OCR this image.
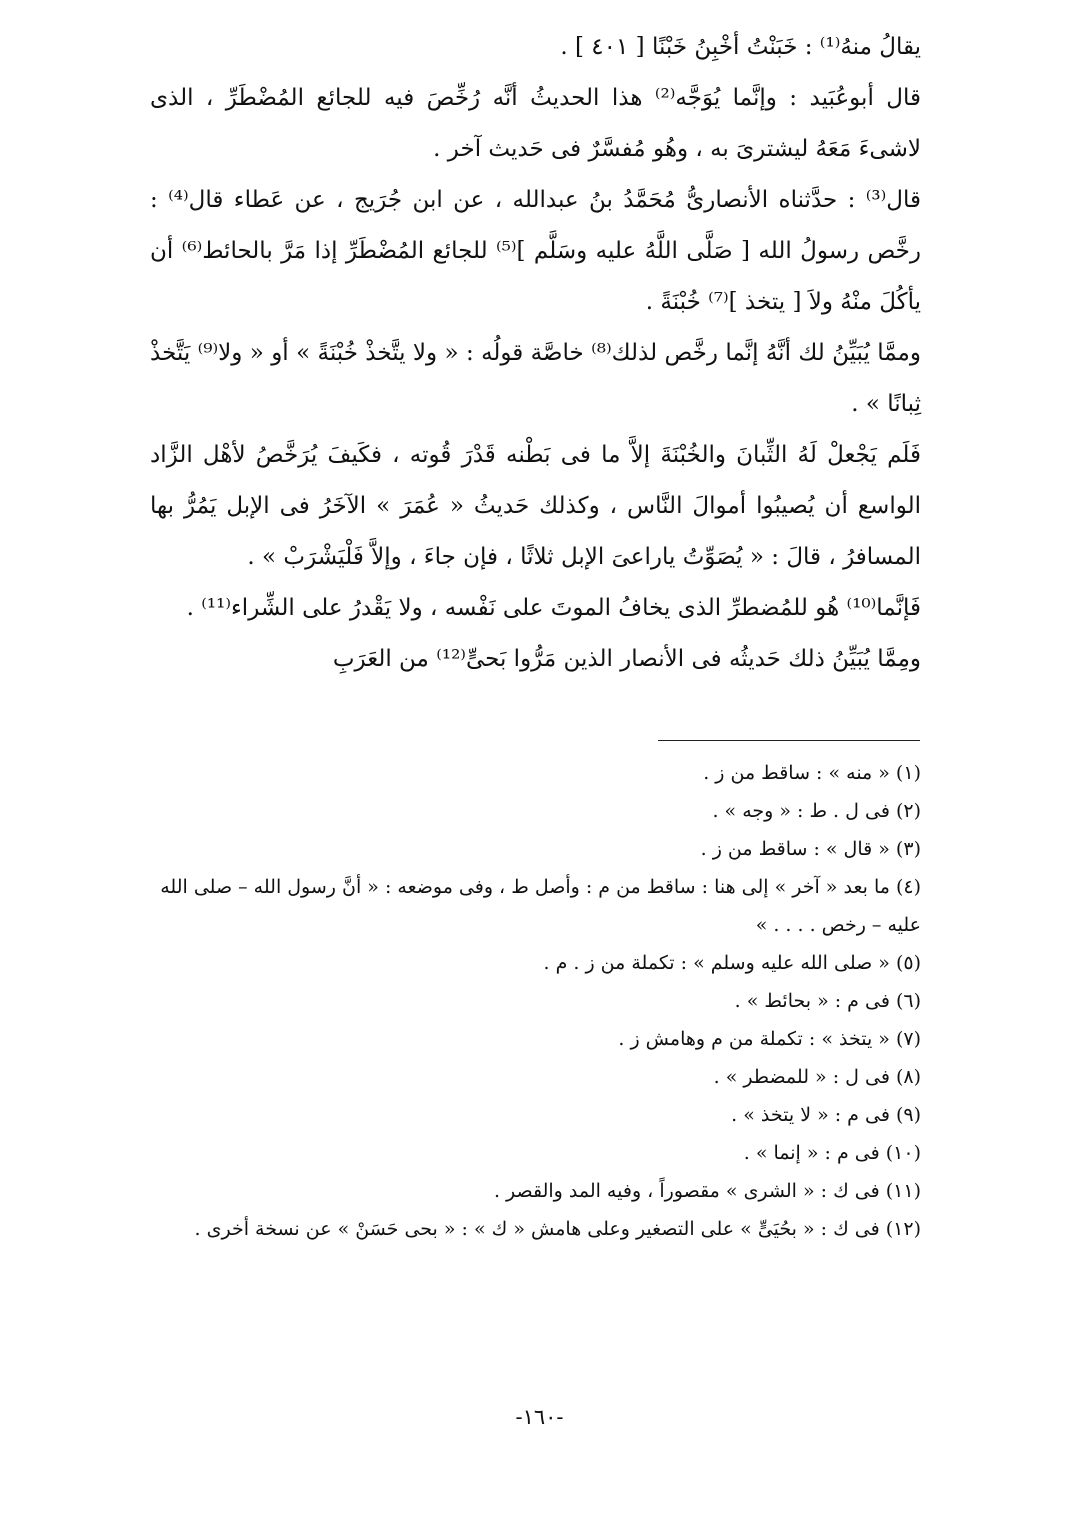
يقالُ منهُ⁽¹⁾ : خَبَنْتُ أخْبِنُ خَبْنًا [ ٤٠١ ] .

قال أبوعُبَيد : وإنَّما يُوَجَّه⁽²⁾ هذا الحديثُ أنَّه رُخِّصَ فيه للجائع المُضْطَرِّ ، الذى لاشىءَ مَعَهُ ليشترىَ به ، وهُو مُفسَّرٌ فى حَديث آخر .

قال⁽³⁾ : حدَّثناه الأنصارىُّ مُحَمَّدُ بنُ عبدالله ، عن ابن جُرَيج ، عن عَطاء قال⁽⁴⁾ : رخَّص رسولُ الله [ صَلَّى اللَّهُ عليه وسَلَّم ]⁽⁵⁾ للجائع المُضْطَرِّ إذا مَرَّ بالحائط⁽⁶⁾ أن يأكُلَ منْهُ ولاَ [ يتخذ ]⁽⁷⁾ خُبْنَةً .

وممَّا يُبَيِّنُ لك أنَّهُ إنَّما رخَّص لذلك⁽⁸⁾ خاصَّة قولُه : « ولا يتَّخذْ خُبْنَةً » أو « ولا⁽⁹⁾ يَتَّخذْ ثِبانًا » .

فَلَم يَجْعلْ لَهُ الثِّبانَ والخُبْنَةَ إلاَّ ما فى بَطْنه قَدْرَ قُوته ، فكَيفَ يُرَخَّصُ لأهْل الزَّاد الواسع أن يُصيبُوا أموالَ النَّاس ، وكذلك حَديثُ « عُمَرَ » الآخَرُ فى الإبل يَمُرُّ بها المسافرُ ، قالَ : « يُصَوِّتُ ياراعىَ الإبل ثلاثًا ، فإن جاءَ ، وإلاَّ فَلْيَشْرَبْ » .

فَإنَّما⁽¹⁰⁾ هُو للمُضطرِّ الذى يخافُ الموتَ على نَفْسه ، ولا يَقْدرُ على الشِّراء⁽¹¹⁾ .

ومِمَّا يُبَيِّنُ ذلك حَديثُه فى الأنصار الذين مَرُّوا بَحىٍّ⁽¹²⁾ من العَرَبِ

(١) « منه » : ساقط من ز .

(٢) فى ل . ط : « وجه » .

(٣) « قال » : ساقط من ز .

(٤) ما بعد « آخر » إلى هنا : ساقط من م : وأصل ط ، وفى موضعه : « أنَّ رسول الله – صلى الله عليه – رخص . . . . »

(٥) « صلى الله عليه وسلم » : تكملة من ز . م .

(٦) فى م : « بحائط » .

(٧) « يتخذ » : تكملة من م وهامش ز .

(٨) فى ل : « للمضطر » .

(٩) فى م : « لا يتخذ » .

(١٠) فى م : « إنما » .

(١١) فى ك : « الشرى » مقصوراً ، وفيه المد والقصر .

(١٢) فى ك : « بحُيَىٍّ » على التصغير وعلى هامش « ك » : « بحى حَسَنْ » عن نسخة أخرى .

-١٦٠-
